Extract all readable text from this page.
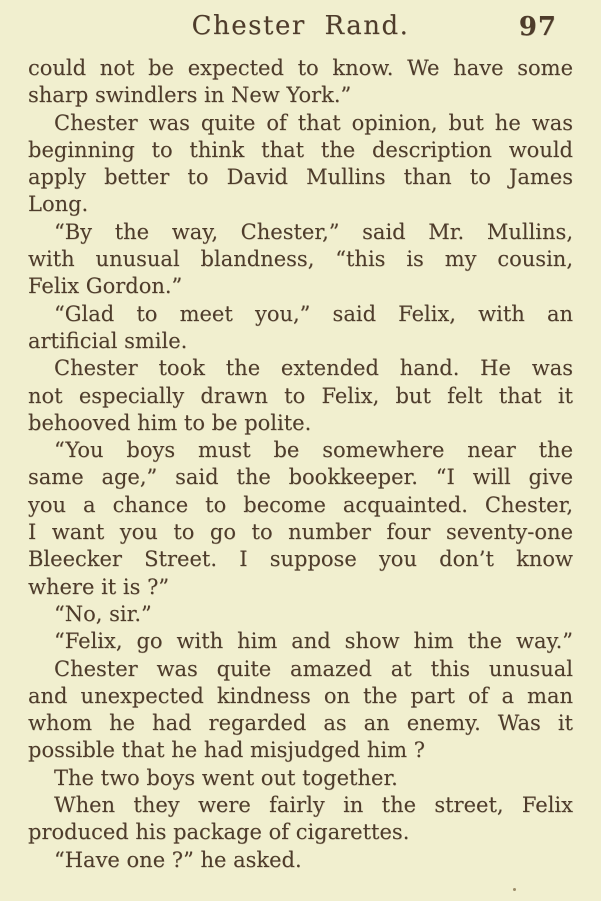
Chester Rand.	97
could not be expected to know. We have some
sharp swindlers in New York.”
Chester was quite of that opinion, but he was
beginning to think that the description would
apply better to David Mullins than to James
Long.
“By the way, Chester,” said Mr. Mullins,
with unusual blandness, “this is my cousin,
Felix Gordon.”
“Glad to meet you,” said Felix, with an
artificial smile.
Chester took the extended hand. He was
not especially drawn to Felix, but felt that it
behooved him to be polite.
“You boys must be somewhere near the
same age,” said the bookkeeper. “I will give
you a chance to become acquainted. Chester,
I want you to go to number four seventy-one
Bleecker Street. I suppose you don’t know
where it is ?”
“No, sir.”
“Felix, go with him and show him the way.”
Chester was quite amazed at this unusual
and unexpected kindness on the part of a man
whom he had regarded as an enemy. Was it
possible that he had misjudged him ?
The two boys went out together.
When they were fairly in the street, Felix
produced his package of cigarettes.
“Have one ?” he asked.
